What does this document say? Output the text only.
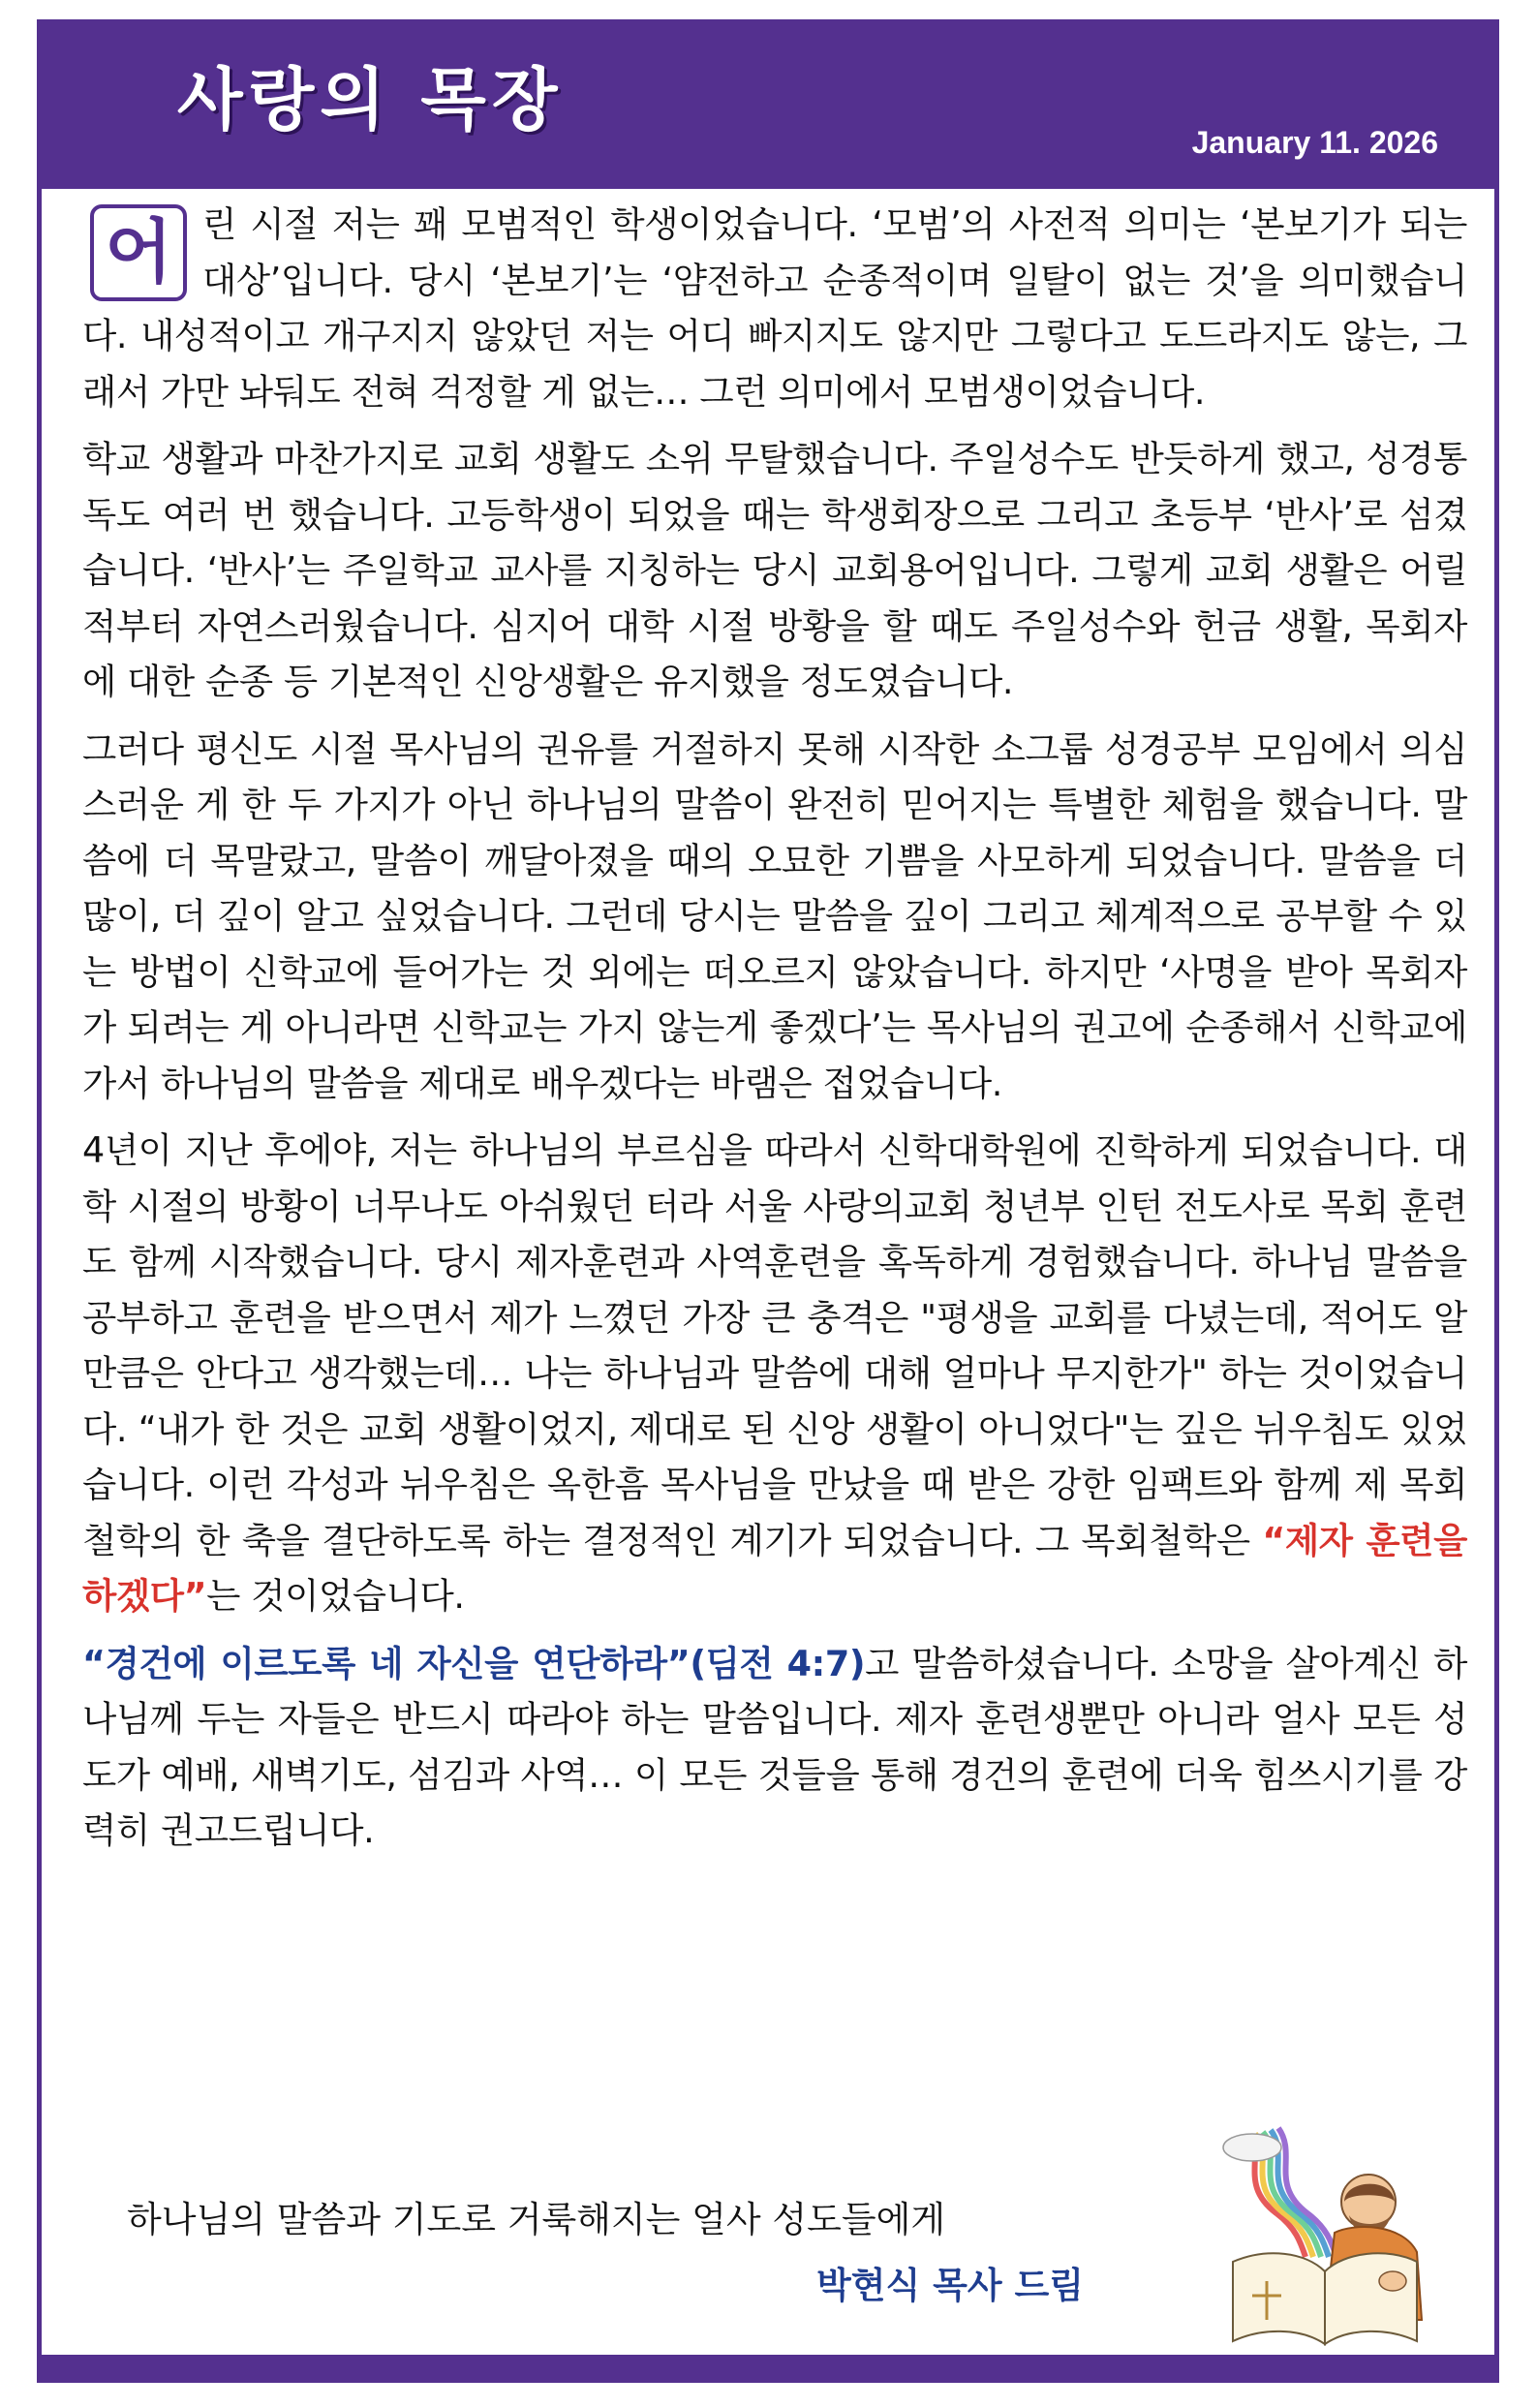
사랑의 목장
January 11. 2026

어 린 시절 저는 꽤 모범적인 학생이었습니다. ‘모범’의 사전적 의미는 ‘본보기가 되는 대상’입니다. 당시 ‘본보기’는 ‘얌전하고 순종적이며 일탈이 없는 것’을 의미했습니다. 내성적이고 개구지지 않았던 저는 어디 빠지지도 않지만 그렇다고 도드라지도 않는, 그래서 가만 놔둬도 전혀 걱정할 게 없는… 그런 의미에서 모범생이었습니다.

학교 생활과 마찬가지로 교회 생활도 소위 무탈했습니다. 주일성수도 반듯하게 했고, 성경통독도 여러 번 했습니다. 고등학생이 되었을 때는 학생회장으로 그리고 초등부 ‘반사’로 섬겼습니다. ‘반사’는 주일학교 교사를 지칭하는 당시 교회용어입니다. 그렇게 교회 생활은 어릴 적부터 자연스러웠습니다. 심지어 대학 시절 방황을 할 때도 주일성수와 헌금 생활, 목회자에 대한 순종 등 기본적인 신앙생활은 유지했을 정도였습니다.

그러다 평신도 시절 목사님의 권유를 거절하지 못해 시작한 소그룹 성경공부 모임에서 의심스러운 게 한 두 가지가 아닌 하나님의 말씀이 완전히 믿어지는 특별한 체험을 했습니다. 말씀에 더 목말랐고, 말씀이 깨달아졌을 때의 오묘한 기쁨을 사모하게 되었습니다. 말씀을 더 많이, 더 깊이 알고 싶었습니다. 그런데 당시는 말씀을 깊이 그리고 체계적으로 공부할 수 있는 방법이 신학교에 들어가는 것 외에는 떠오르지 않았습니다. 하지만 ‘사명을 받아 목회자가 되려는 게 아니라면 신학교는 가지 않는게 좋겠다’는 목사님의 권고에 순종해서 신학교에 가서 하나님의 말씀을 제대로 배우겠다는 바램은 접었습니다.

4년이 지난 후에야, 저는 하나님의 부르심을 따라서 신학대학원에 진학하게 되었습니다. 대학 시절의 방황이 너무나도 아쉬웠던 터라 서울 사랑의교회 청년부 인턴 전도사로 목회 훈련도 함께 시작했습니다. 당시 제자훈련과 사역훈련을 혹독하게 경험했습니다. 하나님 말씀을 공부하고 훈련을 받으면서 제가 느꼈던 가장 큰 충격은 "평생을 교회를 다녔는데, 적어도 알만큼은 안다고 생각했는데… 나는 하나님과 말씀에 대해 얼마나 무지한가" 하는 것이었습니다. “내가 한 것은 교회 생활이었지, 제대로 된 신앙 생활이 아니었다"는 깊은 뉘우침도 있었습니다. 이런 각성과 뉘우침은 옥한흠 목사님을 만났을 때 받은 강한 임팩트와 함께 제 목회철학의 한 축을 결단하도록 하는 결정적인 계기가 되었습니다. 그 목회철학은 “제자 훈련을 하겠다”는 것이었습니다.

“경건에 이르도록 네 자신을 연단하라”(딤전 4:7)고 말씀하셨습니다. 소망을 살아계신 하나님께 두는 자들은 반드시 따라야 하는 말씀입니다. 제자 훈련생뿐만 아니라 얼사 모든 성도가 예배, 새벽기도, 섬김과 사역… 이 모든 것들을 통해 경건의 훈련에 더욱 힘쓰시기를 강력히 권고드립니다.

하나님의 말씀과 기도로 거룩해지는 얼사 성도들에게
박현식 목사 드림
